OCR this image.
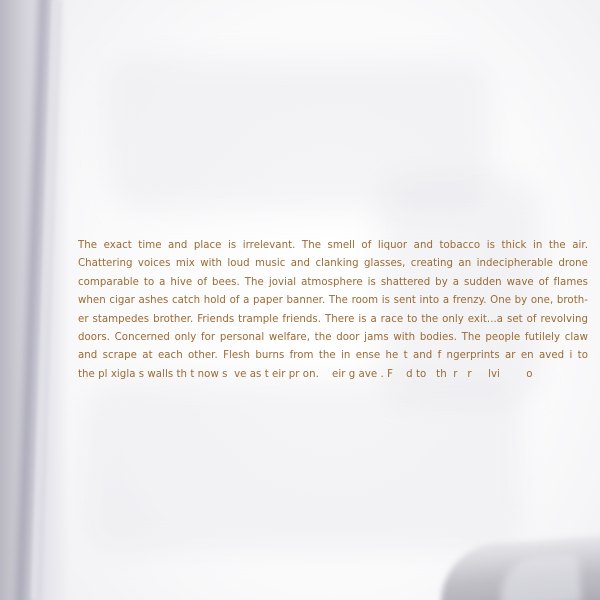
The exact time and place is irrelevant. The smell of liquor and tobacco is thick in the air.
Chattering voices mix with loud music and clanking glasses, creating an indecipherable drone
comparable to a hive of bees. The jovial atmosphere is shattered by a sudden wave of flames
when cigar ashes catch hold of a paper banner. The room is sent into a frenzy. One by one, broth-
er stampedes brother. Friends trample friends. There is a race to the only exit...a set of revolving
doors. Concerned only for personal welfare, the door jams with bodies. The people futilely claw
and scrape at each other. Flesh burns from the in ense he t and f ngerprints ar en aved i to
the pl xigla s walls th t now s  ve as t eir pr on.    eir g ave . F    d to   th  r   r     lvi        o
